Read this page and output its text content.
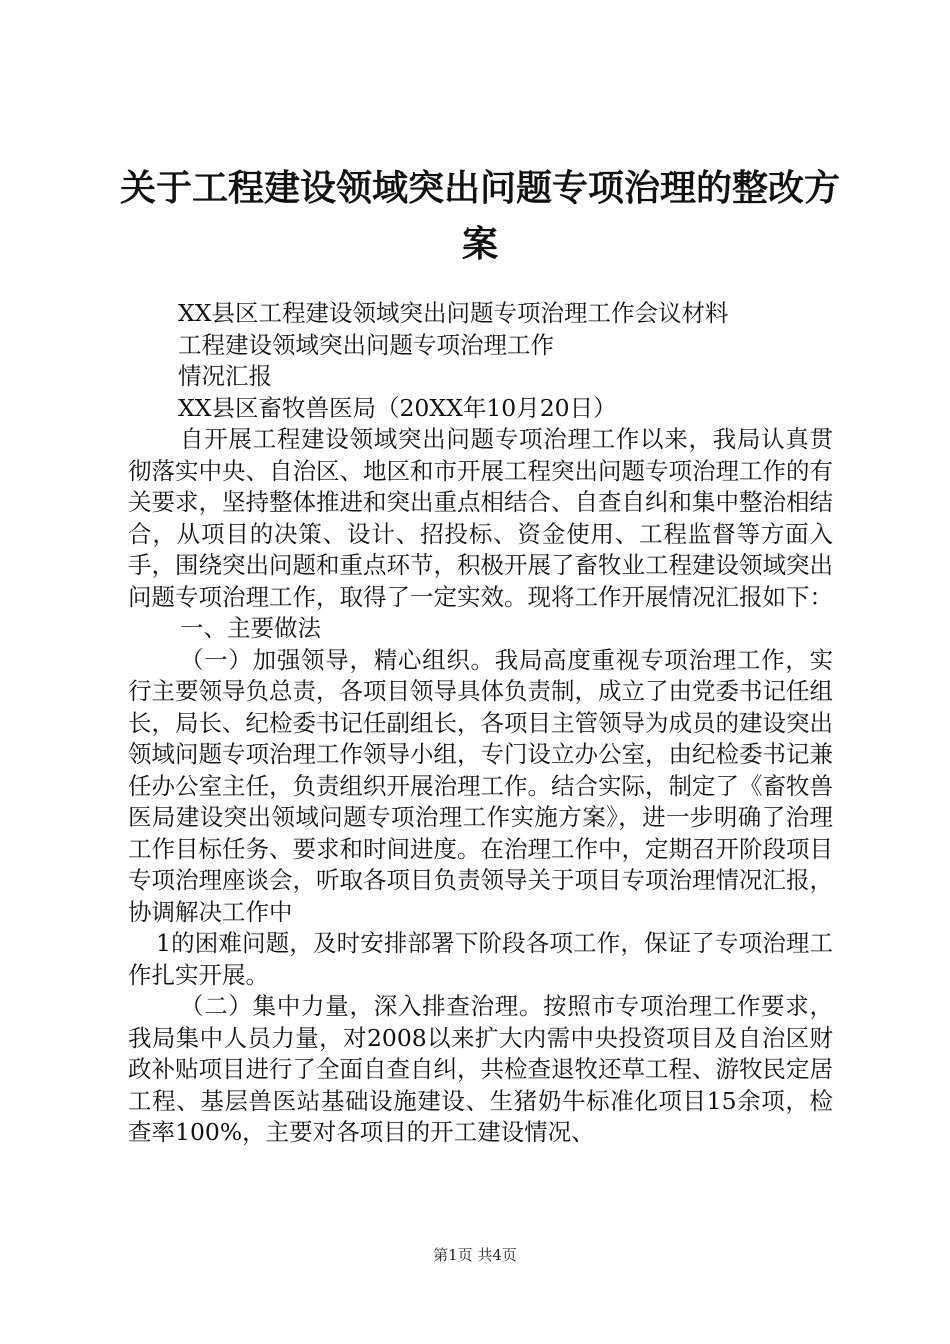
关于工程建设领域突出问题专项治理的整改方案
XX县区工程建设领域突出问题专项治理工作会议材料
工程建设领域突出问题专项治理工作
情况汇报
XX县区畜牧兽医局（20XX年10月20日）

自开展工程建设领域突出问题专项治理工作以来，我局认真贯彻落实中央、自治区、地区和市开展工程突出问题专项治理工作的有关要求，坚持整体推进和突出重点相结合、自查自纠和集中整治相结合，从项目的决策、设计、招投标、资金使用、工程监督等方面入手，围绕突出问题和重点环节，积极开展了畜牧业工程建设领域突出问题专项治理工作，取得了一定实效。现将工作开展情况汇报如下：

一、主要做法

（一）加强领导，精心组织。我局高度重视专项治理工作，实行主要领导负总责，各项目领导具体负责制，成立了由党委书记任组长，局长、纪检委书记任副组长，各项目主管领导为成员的建设突出领域问题专项治理工作领导小组，专门设立办公室，由纪检委书记兼任办公室主任，负责组织开展治理工作。结合实际，制定了《畜牧兽医局建设突出领域问题专项治理工作实施方案》，进一步明确了治理工作目标任务、要求和时间进度。在治理工作中，定期召开阶段项目专项治理座谈会，听取各项目负责领导关于项目专项治理情况汇报，协调解决工作中

1的困难问题，及时安排部署下阶段各项工作，保证了专项治理工作扎实开展。

（二）集中力量，深入排查治理。按照市专项治理工作要求，我局集中人员力量，对2008以来扩大内需中央投资项目及自治区财政补贴项目进行了全面自查自纠，共检查退牧还草工程、游牧民定居工程、基层兽医站基础设施建设、生猪奶牛标准化项目15余项，检查率100%，主要对各项目的开工建设情况、

第1页 共4页
